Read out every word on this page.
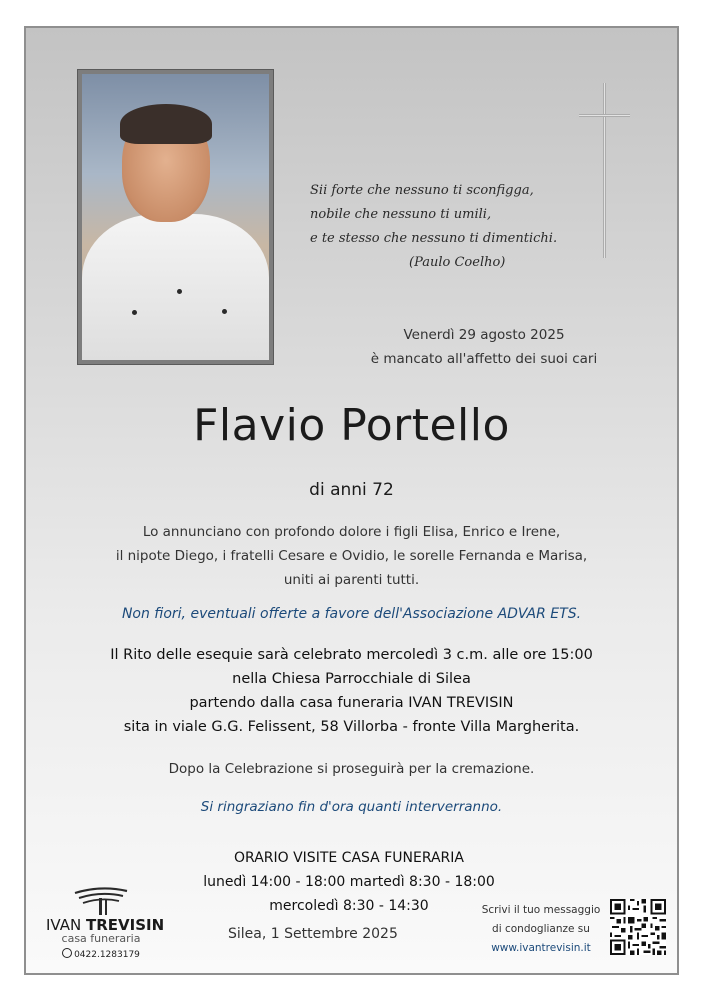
Sii forte che nessuno ti sconfigga,
nobile che nessuno ti umili,
e te stesso che nessuno ti dimentichi.
(Paulo Coelho)
Venerdì 29 agosto 2025
è mancato all'affetto dei suoi cari
Flavio Portello
di anni 72
Lo annunciano con profondo dolore i figli Elisa, Enrico e Irene,
il nipote Diego, i fratelli Cesare e Ovidio, le sorelle Fernanda e Marisa,
uniti ai parenti tutti.
Non fiori, eventuali offerte a favore dell'Associazione ADVAR ETS.
Il Rito delle esequie sarà celebrato mercoledì 3 c.m. alle ore 15:00
nella Chiesa Parrocchiale di Silea
partendo dalla casa funeraria IVAN TREVISIN
sita in viale G.G. Felissent, 58 Villorba - fronte Villa Margherita.
Dopo la Celebrazione si proseguirà per la cremazione.
Si ringraziano fin d'ora quanti interverranno.
ORARIO VISITE CASA FUNERARIA
lunedì 14:00 - 18:00 martedì 8:30 - 18:00
mercoledì 8:30 - 14:30
Silea, 1 Settembre 2025
IVAN TREVISIN
casa funeraria
0422.1283179
Scrivi il tuo messaggio
di condoglianze su
www.ivantrevisin.it
